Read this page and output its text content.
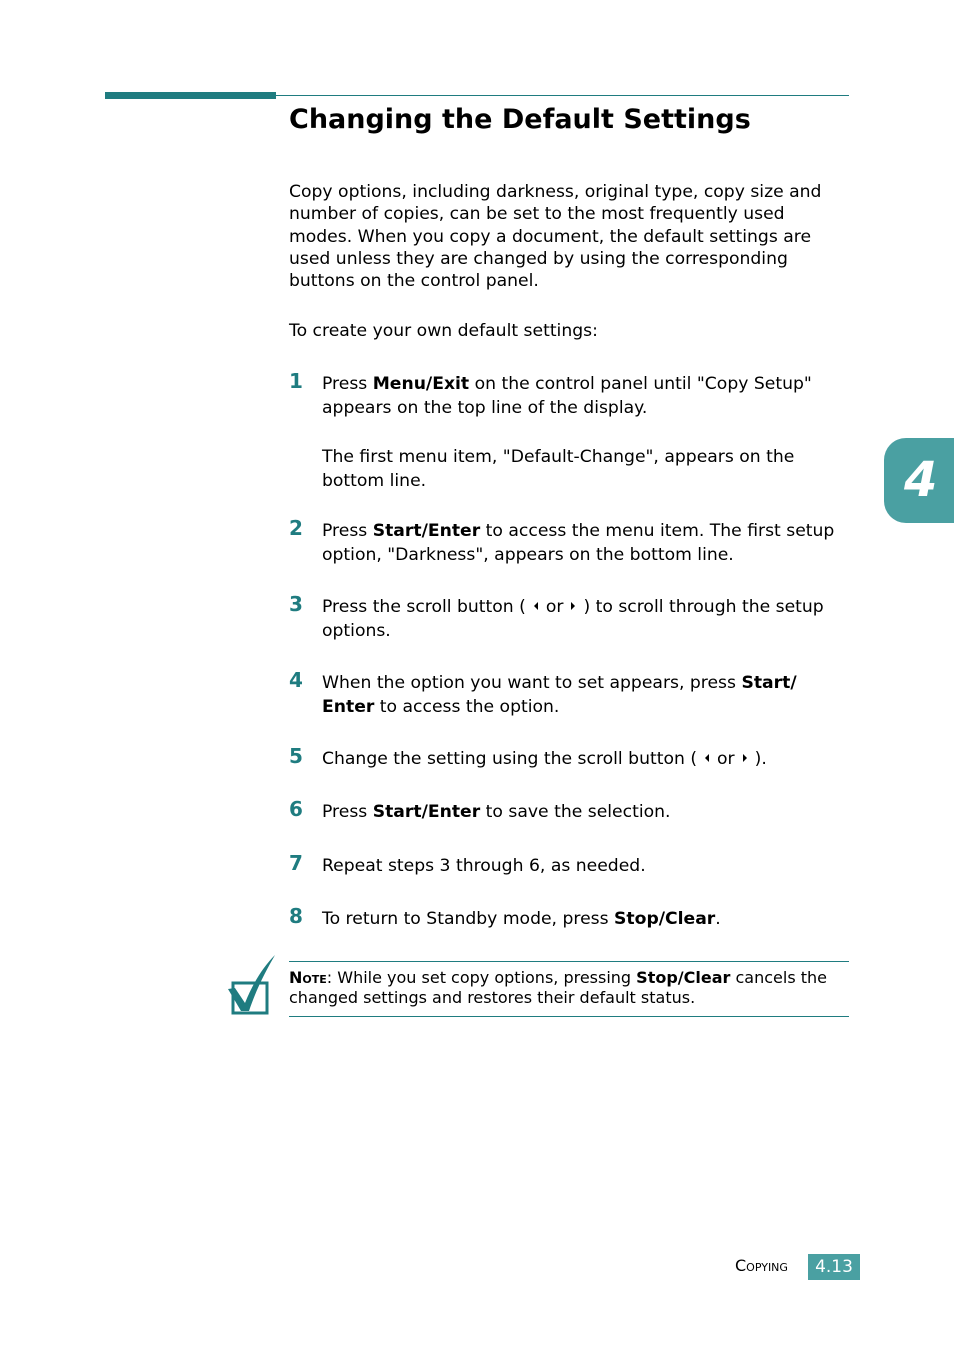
Changing the Default Settings

Copy options, including darkness, original type, copy size and number of copies, can be set to the most frequently used modes. When you copy a document, the default settings are used unless they are changed by using the corresponding buttons on the control panel.

To create your own default settings:

1 Press Menu/Exit on the control panel until "Copy Setup" appears on the top line of the display.

The first menu item, "Default-Change", appears on the bottom line.

2 Press Start/Enter to access the menu item. The first setup option, "Darkness", appears on the bottom line.

3 Press the scroll button ( or ) to scroll through the setup options.

4 When the option you want to set appears, press Start/ Enter to access the option.

5 Change the setting using the scroll button ( or ).

6 Press Start/Enter to save the selection.

7 Repeat steps 3 through 6, as needed.

8 To return to Standby mode, press Stop/Clear.

4

Note: While you set copy options, pressing Stop/Clear cancels the changed settings and restores their default status.

Copying	4.13
